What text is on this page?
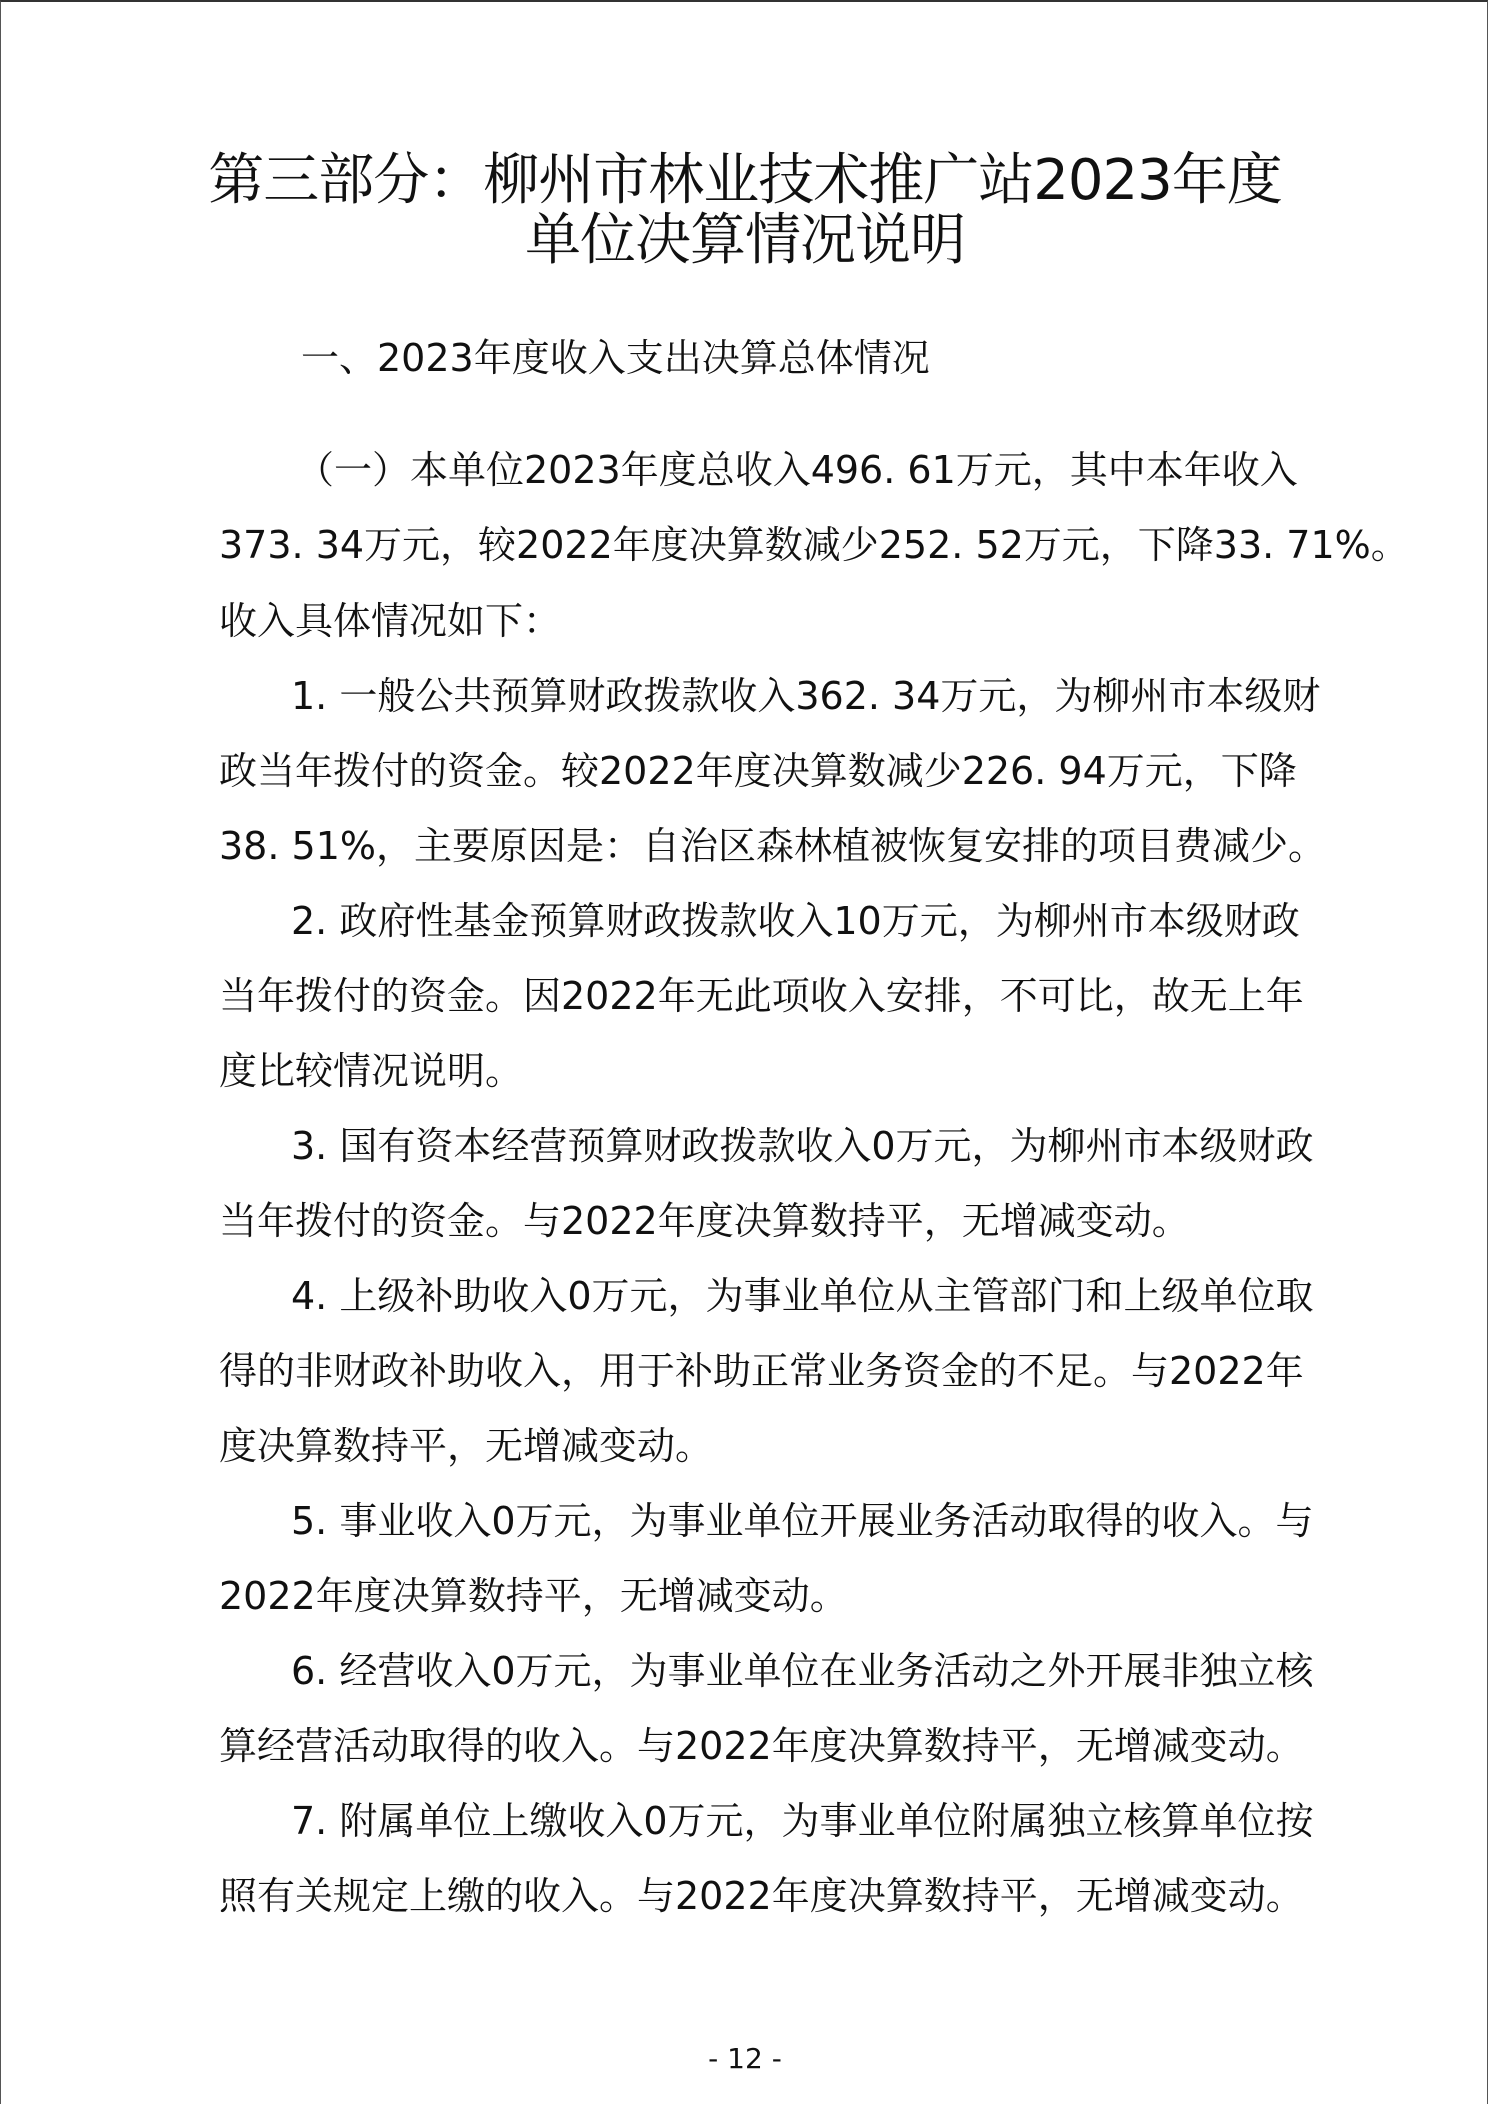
第三部分：柳州市林业技术推广站2023年度
单位决算情况说明
一、2023年度收入支出决算总体情况
（一）本单位2023年度总收入496. 61万元，其中本年收入
373. 34万元，较2022年度决算数减少252. 52万元，下降33. 71%。
收入具体情况如下：
1. 一般公共预算财政拨款收入362. 34万元，为柳州市本级财
政当年拨付的资金。较2022年度决算数减少226. 94万元，下降
38. 51%，主要原因是：自治区森林植被恢复安排的项目费减少。
2. 政府性基金预算财政拨款收入10万元，为柳州市本级财政
当年拨付的资金。因2022年无此项收入安排，不可比，故无上年
度比较情况说明。
3. 国有资本经营预算财政拨款收入0万元，为柳州市本级财政
当年拨付的资金。与2022年度决算数持平，无增减变动。
4. 上级补助收入0万元，为事业单位从主管部门和上级单位取
得的非财政补助收入，用于补助正常业务资金的不足。与2022年
度决算数持平，无增减变动。
5. 事业收入0万元，为事业单位开展业务活动取得的收入。与
2022年度决算数持平，无增减变动。
6. 经营收入0万元，为事业单位在业务活动之外开展非独立核
算经营活动取得的收入。与2022年度决算数持平，无增减变动。
7. 附属单位上缴收入0万元，为事业单位附属独立核算单位按
照有关规定上缴的收入。与2022年度决算数持平，无增减变动。
- 12 -
